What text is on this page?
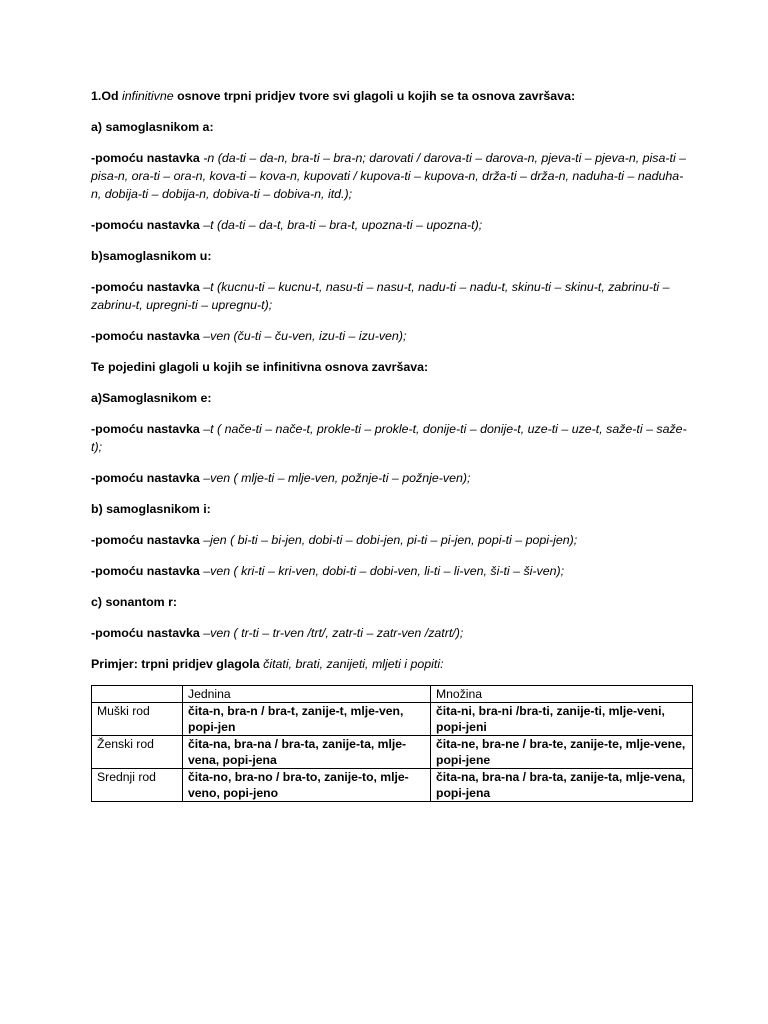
1.Od infinitivne osnove trpni pridjev tvore svi glagoli u kojih se ta osnova završava:

a) samoglasnikom a:

-pomoću nastavka -n (da-ti – da-n, bra-ti – bra-n; darovati / darova-ti – darova-n, pjeva-ti – pjeva-n, pisa-ti – pisa-n, ora-ti – ora-n, kova-ti – kova-n, kupovati / kupova-ti – kupova-n, drža-ti – drža-n, naduha-ti – naduha-n, dobija-ti – dobija-n, dobiva-ti – dobiva-n, itd.);

-pomoću nastavka –t (da-ti – da-t, bra-ti – bra-t, upozna-ti – upozna-t);

b)samoglasnikom u:

-pomoću nastavka –t (kucnu-ti – kucnu-t, nasu-ti – nasu-t, nadu-ti – nadu-t, skinu-ti – skinu-t, zabrinu-ti – zabrinu-t, upregni-ti – upregnu-t);

-pomoću nastavka –ven (ču-ti – ču-ven, izu-ti – izu-ven);

Te pojedini glagoli u kojih se infinitivna osnova završava:

a)Samoglasnikom e:

-pomoću nastavka –t ( nače-ti – nače-t, prokle-ti – prokle-t, donije-ti – donije-t, uze-ti – uze-t, saže-ti – saže-t);

-pomoću nastavka –ven ( mlje-ti – mlje-ven, požnje-ti – požnje-ven);

b) samoglasnikom i:

-pomoću nastavka –jen ( bi-ti – bi-jen, dobi-ti – dobi-jen, pi-ti – pi-jen, popi-ti – popi-jen);

-pomoću nastavka –ven ( kri-ti – kri-ven, dobi-ti – dobi-ven, li-ti – li-ven, ši-ti – ši-ven);

c) sonantom r:

-pomoću nastavka –ven ( tr-ti – tr-ven /trt/, zatr-ti – zatr-ven /zatrt/);

Primjer: trpni pridjev glagola čitati, brati, zanijeti, mljeti i popiti:

	Jednina	Množina
Muški rod	čita-n, bra-n / bra-t, zanije-t, mlje-ven, popi-jen	čita-ni, bra-ni /bra-ti, zanije-ti, mlje-veni, popi-jeni
Ženski rod	čita-na, bra-na / bra-ta, zanije-ta, mlje-vena, popi-jena	čita-ne, bra-ne / bra-te, zanije-te, mlje-vene, popi-jene
Srednji rod	čita-no, bra-no / bra-to, zanije-to, mlje-veno, popi-jeno	čita-na, bra-na / bra-ta, zanije-ta, mlje-vena, popi-jena
